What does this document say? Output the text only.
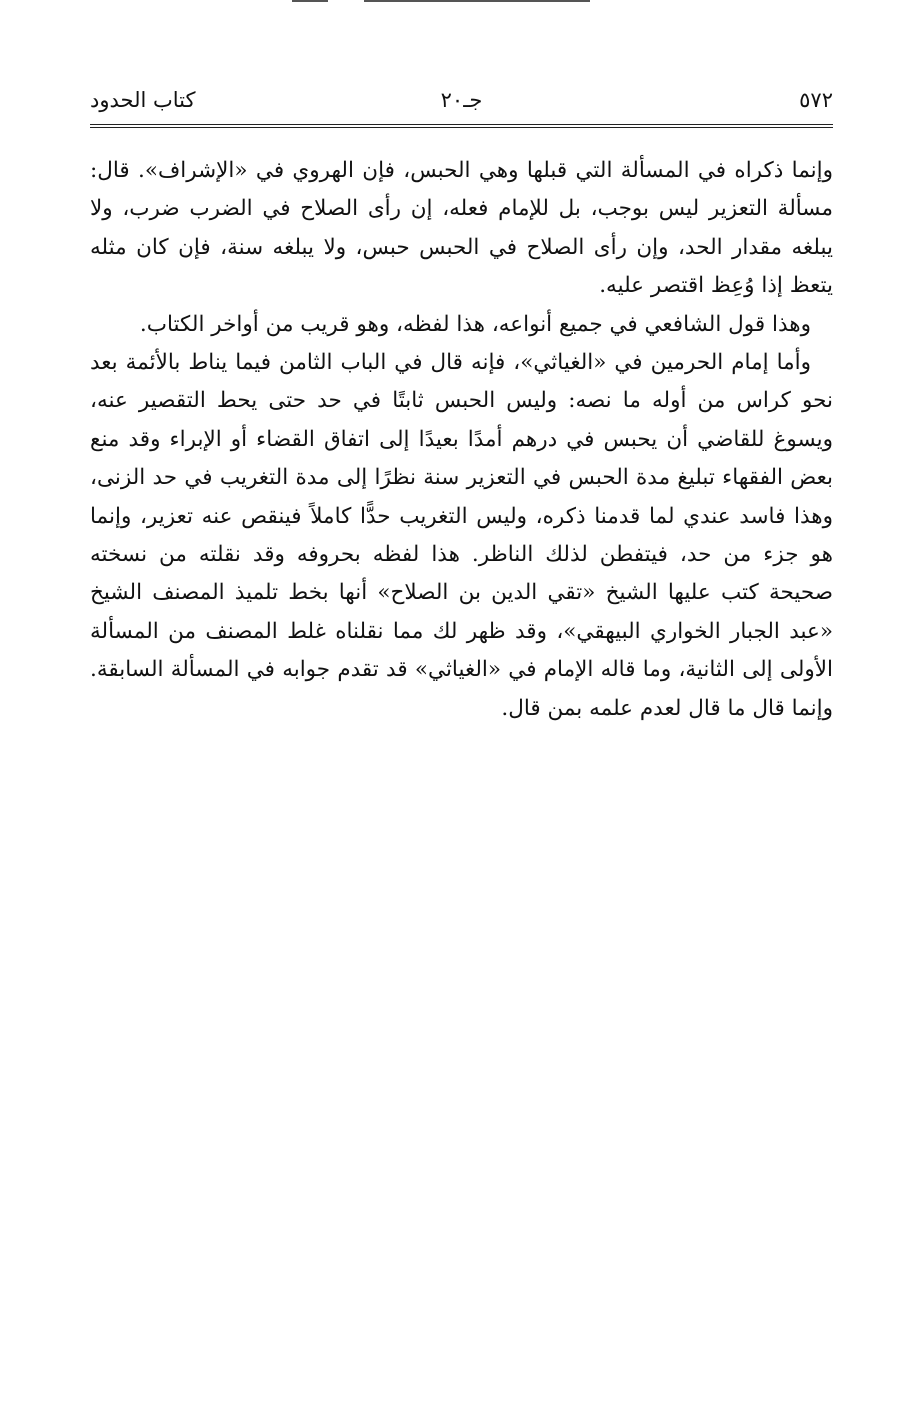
٥٧٢
جـ٢٠
كتاب الحدود

وإنما ذكراه في المسألة التي قبلها وهي الحبس، فإن الهروي في «الإشراف». قال: مسألة التعزير ليس بوجب، بل للإمام فعله، إن رأى الصلاح في الضرب ضرب، ولا يبلغه مقدار الحد، وإن رأى الصلاح في الحبس حبس، ولا يبلغه سنة، فإن كان مثله يتعظ إذا وُعِظ اقتصر عليه.

وهذا قول الشافعي في جميع أنواعه، هذا لفظه، وهو قريب من أواخر الكتاب.

وأما إمام الحرمين في «الغياثي»، فإنه قال في الباب الثامن فيما يناط بالأئمة بعد نحو كراس من أوله ما نصه: وليس الحبس ثابتًا في حد حتى يحط التقصير عنه، ويسوغ للقاضي أن يحبس في درهم أمدًا بعيدًا إلى اتفاق القضاء أو الإبراء وقد منع بعض الفقهاء تبليغ مدة الحبس في التعزير سنة نظرًا إلى مدة التغريب في حد الزنى، وهذا فاسد عندي لما قدمنا ذكره، وليس التغريب حدًّا كاملاً فينقص عنه تعزير، وإنما هو جزء من حد، فيتفطن لذلك الناظر. هذا لفظه بحروفه وقد نقلته من نسخته صحيحة كتب عليها الشيخ «تقي الدين بن الصلاح» أنها بخط تلميذ المصنف الشيخ «عبد الجبار الخواري البيهقي»، وقد ظهر لك مما نقلناه غلط المصنف من المسألة الأولى إلى الثانية، وما قاله الإمام في «الغياثي» قد تقدم جوابه في المسألة السابقة. وإنما قال ما قال لعدم علمه بمن قال.
